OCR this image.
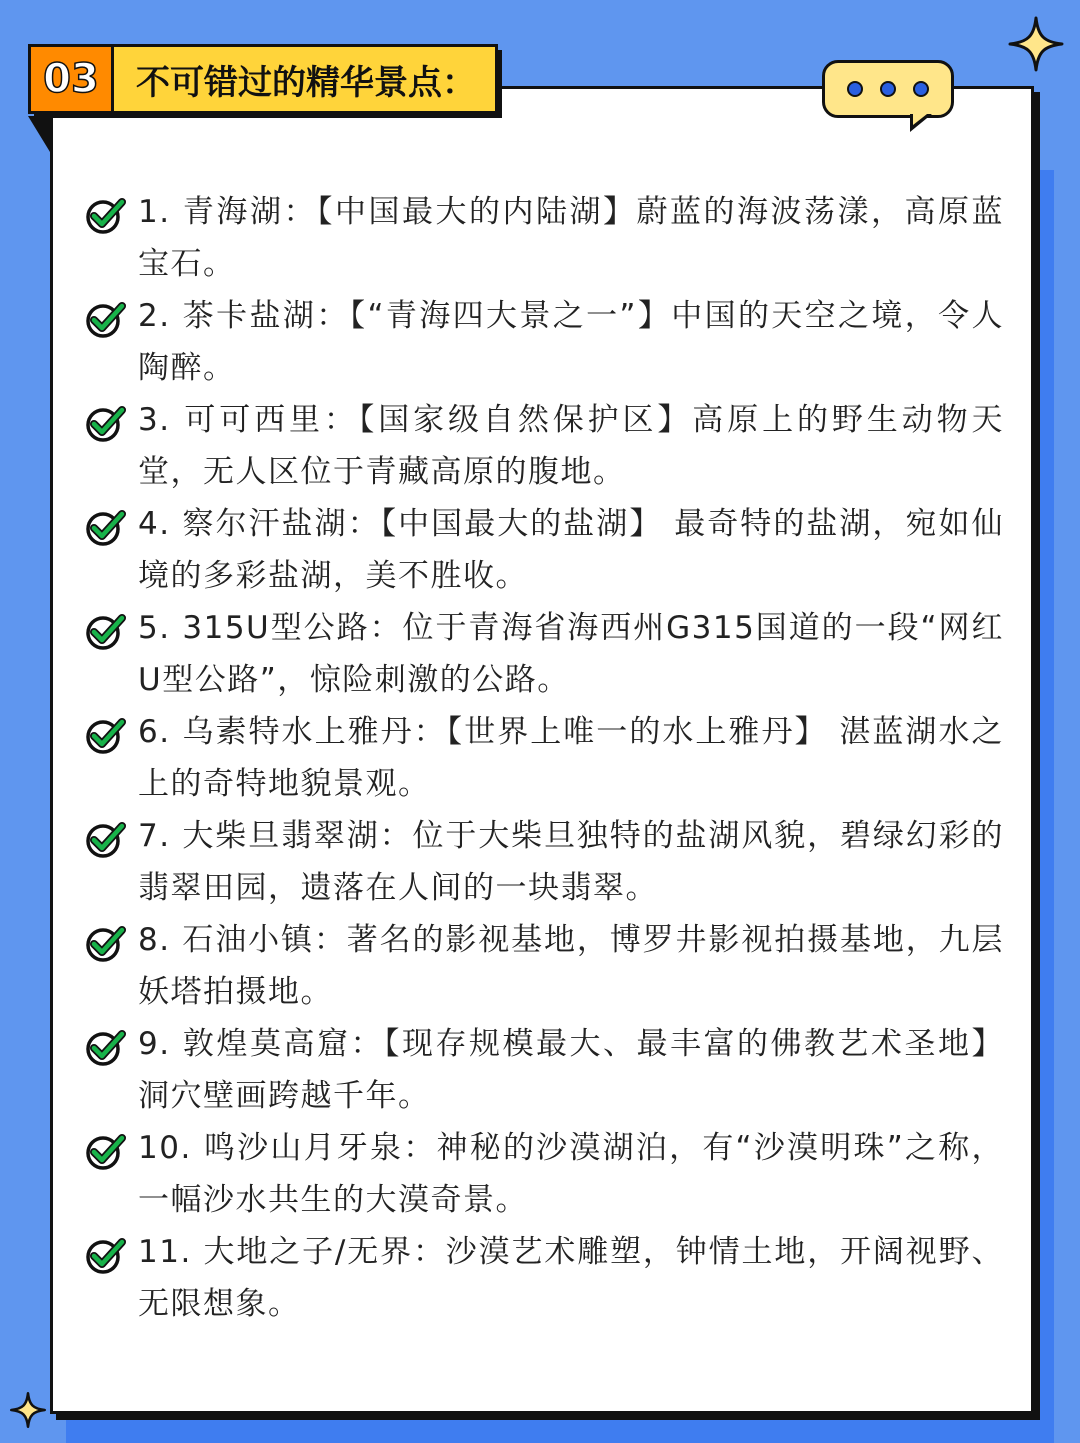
03	不可错过的精华景点：
1. 青海湖：【中国最大的内陆湖】蔚蓝的海波荡漾，高原蓝宝石。
2. 茶卡盐湖：【“青海四大景之一”】中国的天空之境，令人陶醉。
3. 可可西里：【国家级自然保护区】高原上的野生动物天堂，无人区位于青藏高原的腹地。
4. 察尔汗盐湖：【中国最大的盐湖】 最奇特的盐湖，宛如仙境的多彩盐湖，美不胜收。
5. 315U型公路：位于青海省海西州G315国道的一段“网红U型公路”，惊险刺激的公路。
6. 乌素特水上雅丹：【世界上唯一的水上雅丹】 湛蓝湖水之上的奇特地貌景观。
7. 大柴旦翡翠湖：位于大柴旦独特的盐湖风貌，碧绿幻彩的翡翠田园，遗落在人间的一块翡翠。
8. 石油小镇：著名的影视基地，博罗井影视拍摄基地，九层妖塔拍摄地。
9. 敦煌莫高窟：【现存规模最大、最丰富的佛教艺术圣地】洞穴壁画跨越千年。
10. 鸣沙山月牙泉：神秘的沙漠湖泊，有“沙漠明珠”之称，一幅沙水共生的大漠奇景。
11. 大地之子/无界：沙漠艺术雕塑，钟情土地，开阔视野、无限想象。
